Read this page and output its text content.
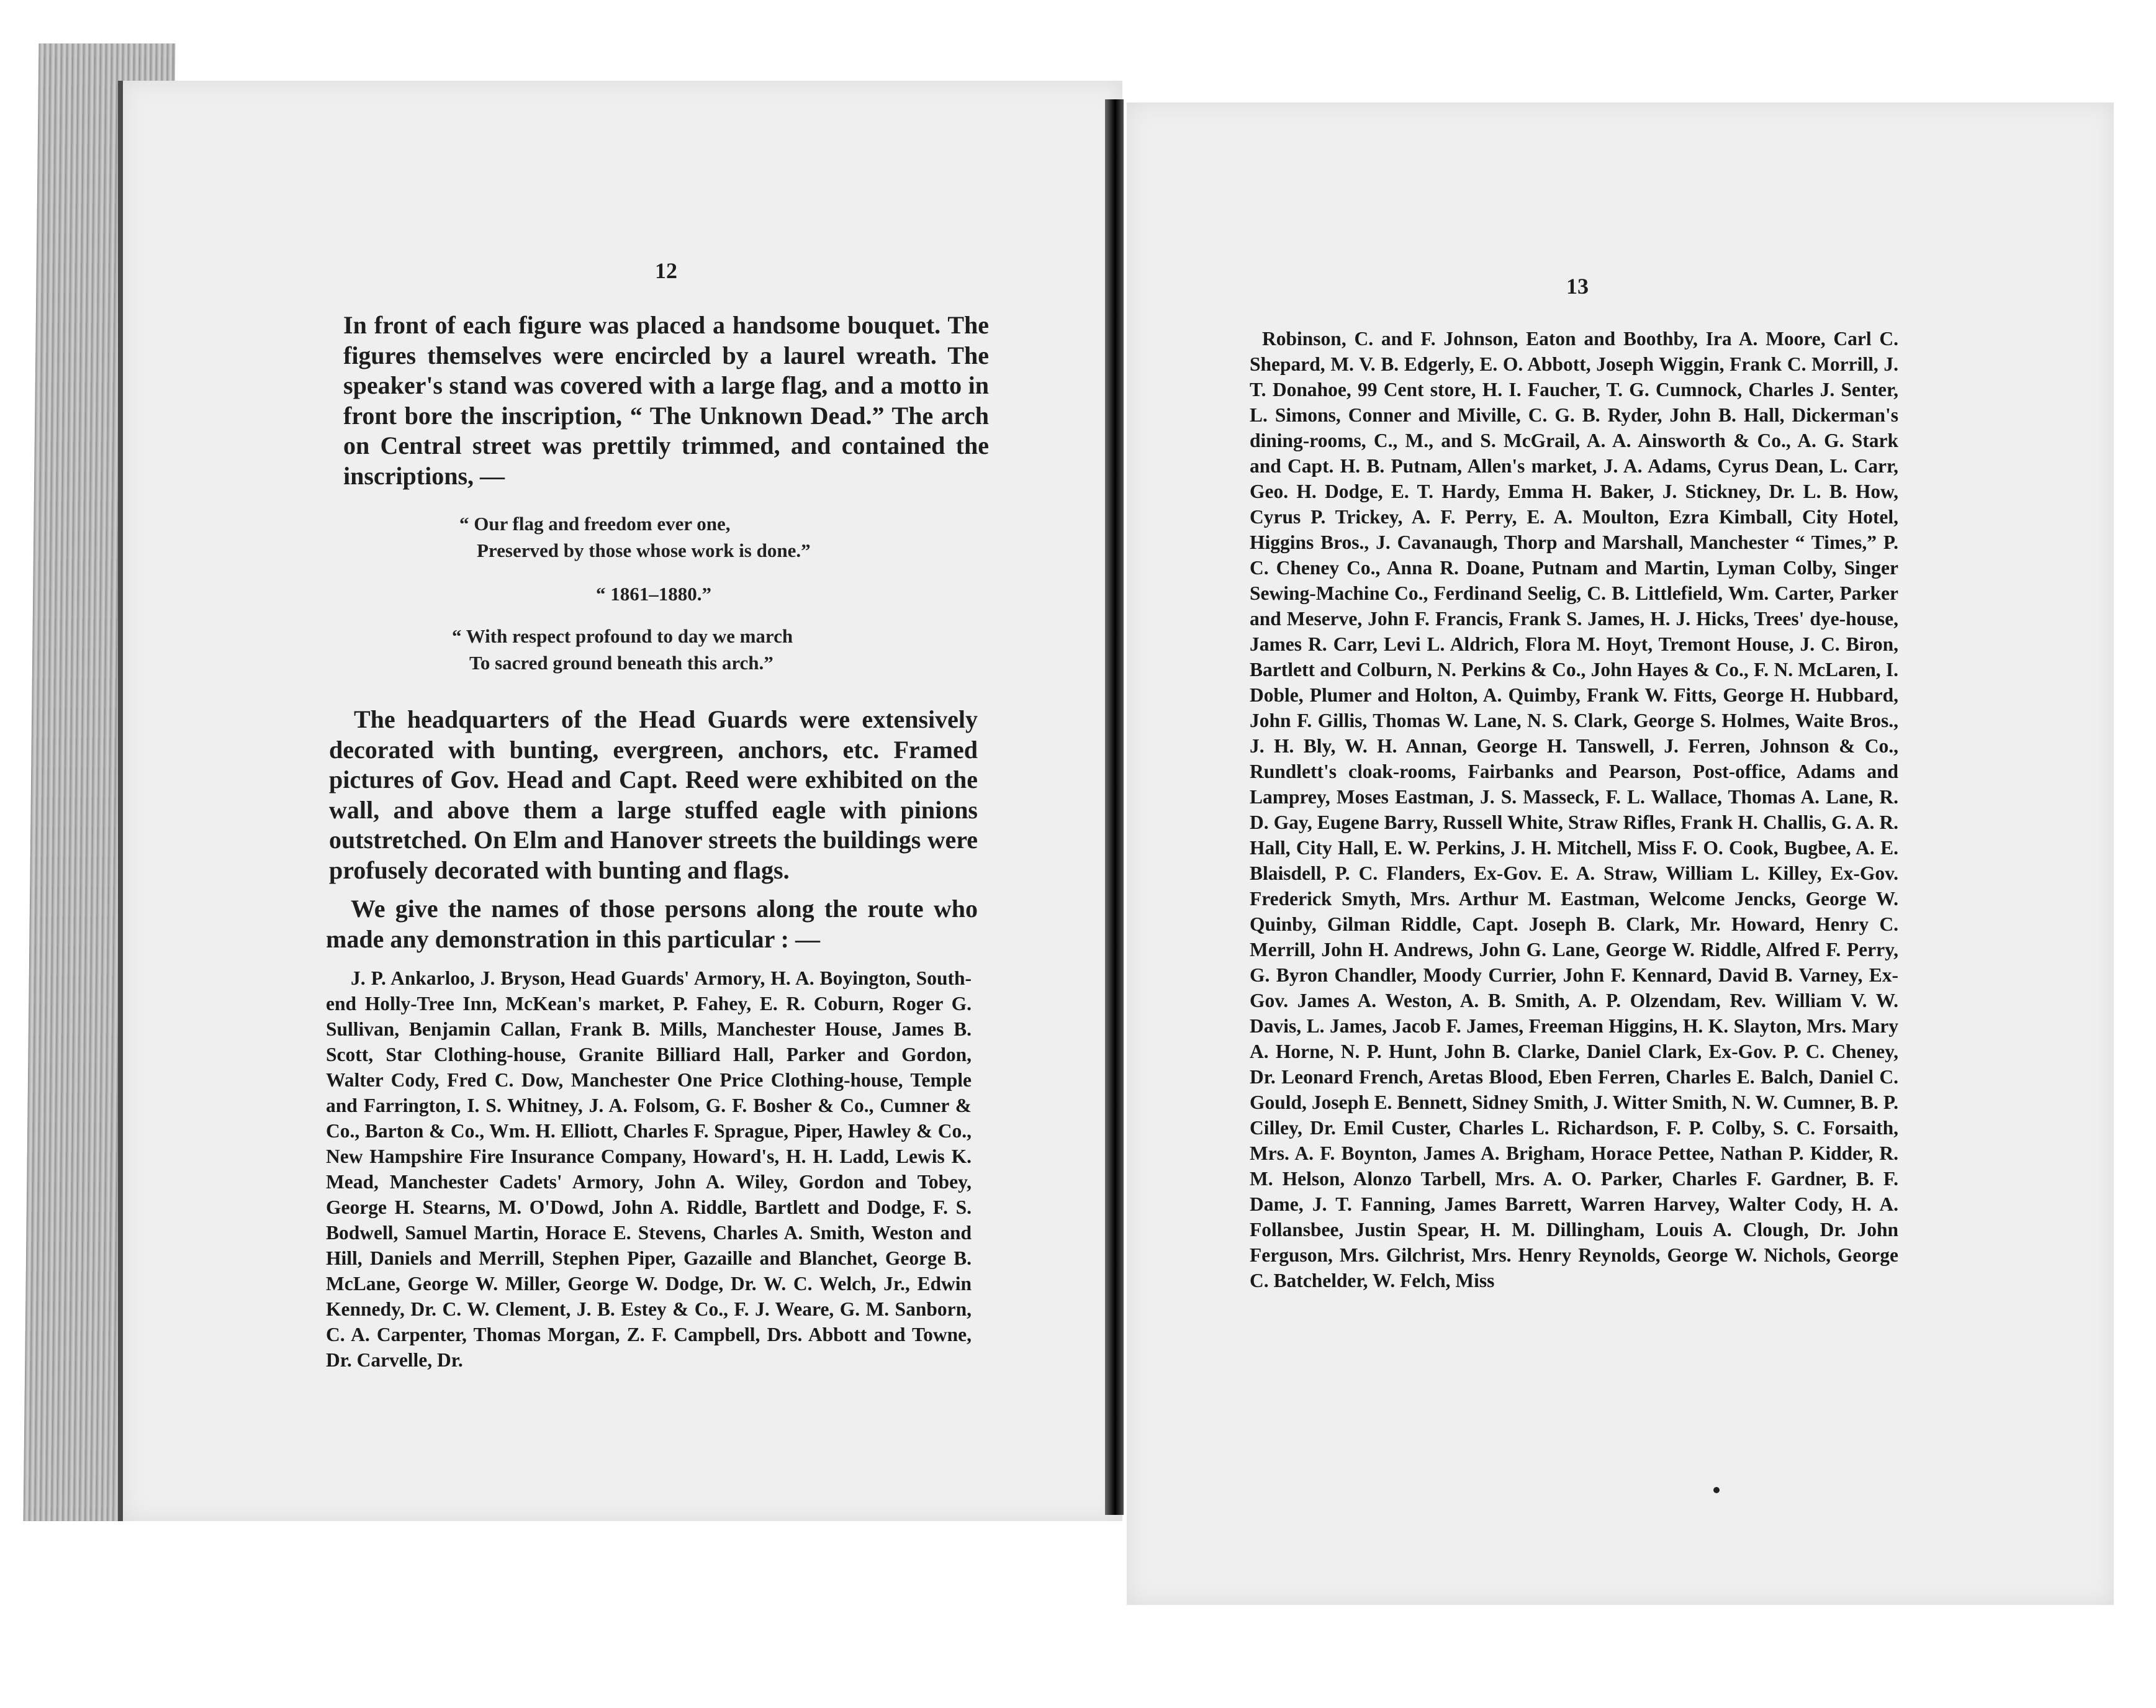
12

In front of each figure was placed a handsome bouquet. The figures themselves were encircled by a laurel wreath. The speaker's stand was covered with a large flag, and a motto in front bore the inscription, “ The Unknown Dead.” The arch on Central street was prettily trimmed, and contained the inscriptions, —

“ Our flag and freedom ever one,
Preserved by those whose work is done.”
“ 1861–1880.”
“ With respect profound to day we march
To sacred ground beneath this arch.”

The headquarters of the Head Guards were extensively decorated with bunting, evergreen, anchors, etc. Framed pictures of Gov. Head and Capt. Reed were exhibited on the wall, and above them a large stuffed eagle with pinions outstretched. On Elm and Hanover streets the buildings were profusely decorated with bunting and flags.

We give the names of those persons along the route who made any demonstration in this particular : —

J. P. Ankarloo, J. Bryson, Head Guards' Armory, H. A. Boyington, South-end Holly-Tree Inn, McKean's market, P. Fahey, E. R. Coburn, Roger G. Sullivan, Benjamin Callan, Frank B. Mills, Manchester House, James B. Scott, Star Clothing-house, Granite Billiard Hall, Parker and Gordon, Walter Cody, Fred C. Dow, Manchester One Price Clothing-house, Temple and Farrington, I. S. Whitney, J. A. Folsom, G. F. Bosher & Co., Cumner & Co., Barton & Co., Wm. H. Elliott, Charles F. Sprague, Piper, Hawley & Co., New Hampshire Fire Insurance Company, Howard's, H. H. Ladd, Lewis K. Mead, Manchester Cadets' Armory, John A. Wiley, Gordon and Tobey, George H. Stearns, M. O'Dowd, John A. Riddle, Bartlett and Dodge, F. S. Bodwell, Samuel Martin, Horace E. Stevens, Charles A. Smith, Weston and Hill, Daniels and Merrill, Stephen Piper, Gazaille and Blanchet, George B. McLane, George W. Miller, George W. Dodge, Dr. W. C. Welch, Jr., Edwin Kennedy, Dr. C. W. Clement, J. B. Estey & Co., F. J. Weare, G. M. Sanborn, C. A. Carpenter, Thomas Morgan, Z. F. Campbell, Drs. Abbott and Towne, Dr. Carvelle, Dr.

13

Robinson, C. and F. Johnson, Eaton and Boothby, Ira A. Moore, Carl C. Shepard, M. V. B. Edgerly, E. O. Abbott, Joseph Wiggin, Frank C. Morrill, J. T. Donahoe, 99 Cent store, H. I. Faucher, T. G. Cumnock, Charles J. Senter, L. Simons, Conner and Miville, C. G. B. Ryder, John B. Hall, Dickerman's dining-rooms, C., M., and S. McGrail, A. A. Ainsworth & Co., A. G. Stark and Capt. H. B. Putnam, Allen's market, J. A. Adams, Cyrus Dean, L. Carr, Geo. H. Dodge, E. T. Hardy, Emma H. Baker, J. Stickney, Dr. L. B. How, Cyrus P. Trickey, A. F. Perry, E. A. Moulton, Ezra Kimball, City Hotel, Higgins Bros., J. Cavanaugh, Thorp and Marshall, Manchester “ Times,” P. C. Cheney Co., Anna R. Doane, Putnam and Martin, Lyman Colby, Singer Sewing-Machine Co., Ferdinand Seelig, C. B. Littlefield, Wm. Carter, Parker and Meserve, John F. Francis, Frank S. James, H. J. Hicks, Trees' dye-house, James R. Carr, Levi L. Aldrich, Flora M. Hoyt, Tremont House, J. C. Biron, Bartlett and Colburn, N. Perkins & Co., John Hayes & Co., F. N. McLaren, I. Doble, Plumer and Holton, A. Quimby, Frank W. Fitts, George H. Hubbard, John F. Gillis, Thomas W. Lane, N. S. Clark, George S. Holmes, Waite Bros., J. H. Bly, W. H. Annan, George H. Tanswell, J. Ferren, Johnson & Co., Rundlett's cloak-rooms, Fairbanks and Pearson, Post-office, Adams and Lamprey, Moses Eastman, J. S. Masseck, F. L. Wallace, Thomas A. Lane, R. D. Gay, Eugene Barry, Russell White, Straw Rifles, Frank H. Challis, G. A. R. Hall, City Hall, E. W. Perkins, J. H. Mitchell, Miss F. O. Cook, Bugbee, A. E. Blaisdell, P. C. Flanders, Ex-Gov. E. A. Straw, William L. Killey, Ex-Gov. Frederick Smyth, Mrs. Arthur M. Eastman, Welcome Jencks, George W. Quinby, Gilman Riddle, Capt. Joseph B. Clark, Mr. Howard, Henry C. Merrill, John H. Andrews, John G. Lane, George W. Riddle, Alfred F. Perry, G. Byron Chandler, Moody Currier, John F. Kennard, David B. Varney, Ex-Gov. James A. Weston, A. B. Smith, A. P. Olzendam, Rev. William V. W. Davis, L. James, Jacob F. James, Freeman Higgins, H. K. Slayton, Mrs. Mary A. Horne, N. P. Hunt, John B. Clarke, Daniel Clark, Ex-Gov. P. C. Cheney, Dr. Leonard French, Aretas Blood, Eben Ferren, Charles E. Balch, Daniel C. Gould, Joseph E. Bennett, Sidney Smith, J. Witter Smith, N. W. Cumner, B. P. Cilley, Dr. Emil Custer, Charles L. Richardson, F. P. Colby, S. C. Forsaith, Mrs. A. F. Boynton, James A. Brigham, Horace Pettee, Nathan P. Kidder, R. M. Helson, Alonzo Tarbell, Mrs. A. O. Parker, Charles F. Gardner, B. F. Dame, J. T. Fanning, James Barrett, Warren Harvey, Walter Cody, H. A. Follansbee, Justin Spear, H. M. Dillingham, Louis A. Clough, Dr. John Ferguson, Mrs. Gilchrist, Mrs. Henry Reynolds, George W. Nichols, George C. Batchelder, W. Felch, Miss
